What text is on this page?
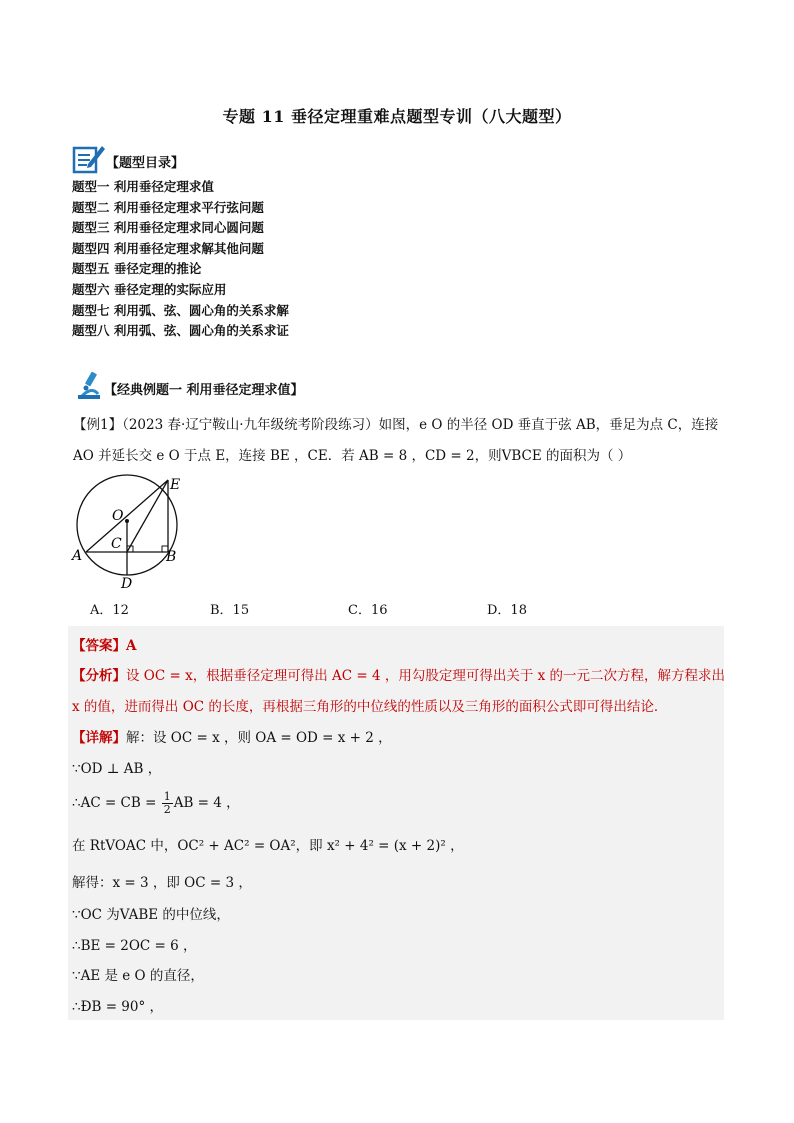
专题 11 垂径定理重难点题型专训（八大题型）
【题型目录】
题型一 利用垂径定理求值
题型二 利用垂径定理求平行弦问题
题型三 利用垂径定理求同心圆问题
题型四 利用垂径定理求解其他问题
题型五 垂径定理的推论
题型六 垂径定理的实际应用
题型七 利用弧、弦、圆心角的关系求解
题型八 利用弧、弦、圆心角的关系求证
【经典例题一 利用垂径定理求值】
【例1】（2023 春·辽宁鞍山·九年级统考阶段练习）如图，e O 的半径 OD 垂直于弦 AB，垂足为点 C，连接
AO 并延长交 e O 于点 E，连接 BE ，CE．若 AB = 8 ，CD = 2，则VBCE 的面积为（ ）
E
O
C
A	B
D
A．12	B．15	C．16	D．18
【答案】A
【分析】设 OC = x，根据垂径定理可得出 AC = 4 ，用勾股定理可得出关于 x 的一元二次方程，解方程求出
x 的值，进而得出 OC 的长度，再根据三角形的中位线的性质以及三角形的面积公式即可得出结论．
【详解】解：设 OC = x ，则 OA = OD = x + 2 ，
∵OD ⊥ AB ，
∴AC = CB = $\frac{1}{2}$ AB = 4 ，
在 RtVOAC 中，OC² + AC² = OA²，即 x² + 4² = (x + 2)² ，
解得：x = 3 ，即 OC = 3 ，
∵OC 为VABE 的中位线，
∴BE = 2OC = 6 ，
∵AE 是 e O 的直径，
∴ÐB = 90° ，
